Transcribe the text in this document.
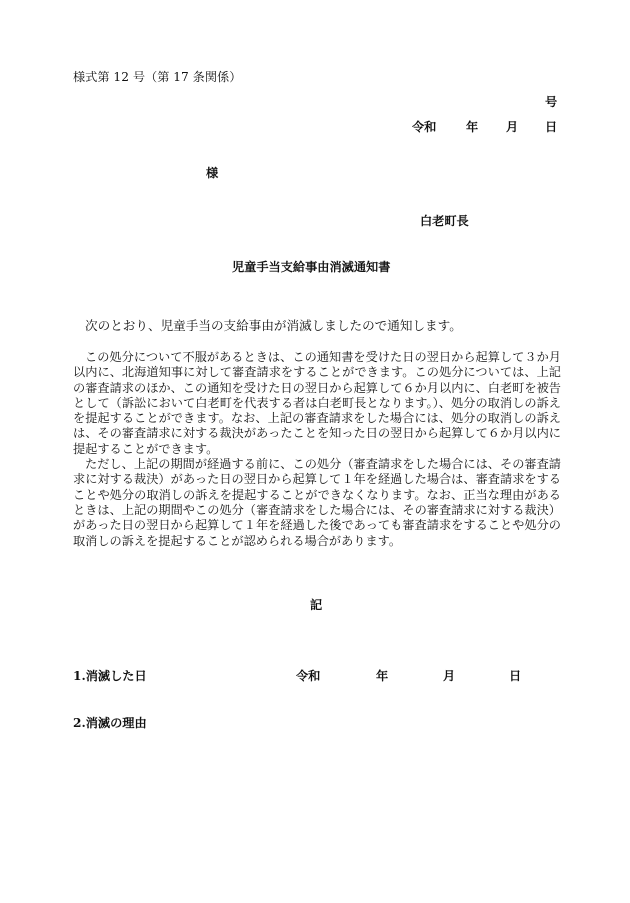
様式第 12 号（第 17 条関係）
号
令和 年 月 日
様
白老町長
児童手当支給事由消滅通知書
次のとおり、児童手当の支給事由が消滅しましたので通知します。

この処分について不服があるときは、この通知書を受けた日の翌日から起算して３か月以内に、北海道知事に対して審査請求をすることができます。この処分については、上記の審査請求のほか、この通知を受けた日の翌日から起算して６か月以内に、白老町を被告として（訴訟において白老町を代表する者は白老町長となります。）、処分の取消しの訴えを提起することができます。なお、上記の審査請求をした場合には、処分の取消しの訴えは、その審査請求に対する裁決があったことを知った日の翌日から起算して６か月以内に提起することができます。

ただし、上記の期間が経過する前に、この処分（審査請求をした場合には、その審査請求に対する裁決）があった日の翌日から起算して１年を経過した場合は、審査請求をすることや処分の取消しの訴えを提起することができなくなります。なお、正当な理由があるときは、上記の期間やこの処分（審査請求をした場合には、その審査請求に対する裁決）があった日の翌日から起算して１年を経過した後であっても審査請求をすることや処分の取消しの訴えを提起することが認められる場合があります。

記
1.消滅した日	令和	年	月	日
2.消滅の理由
